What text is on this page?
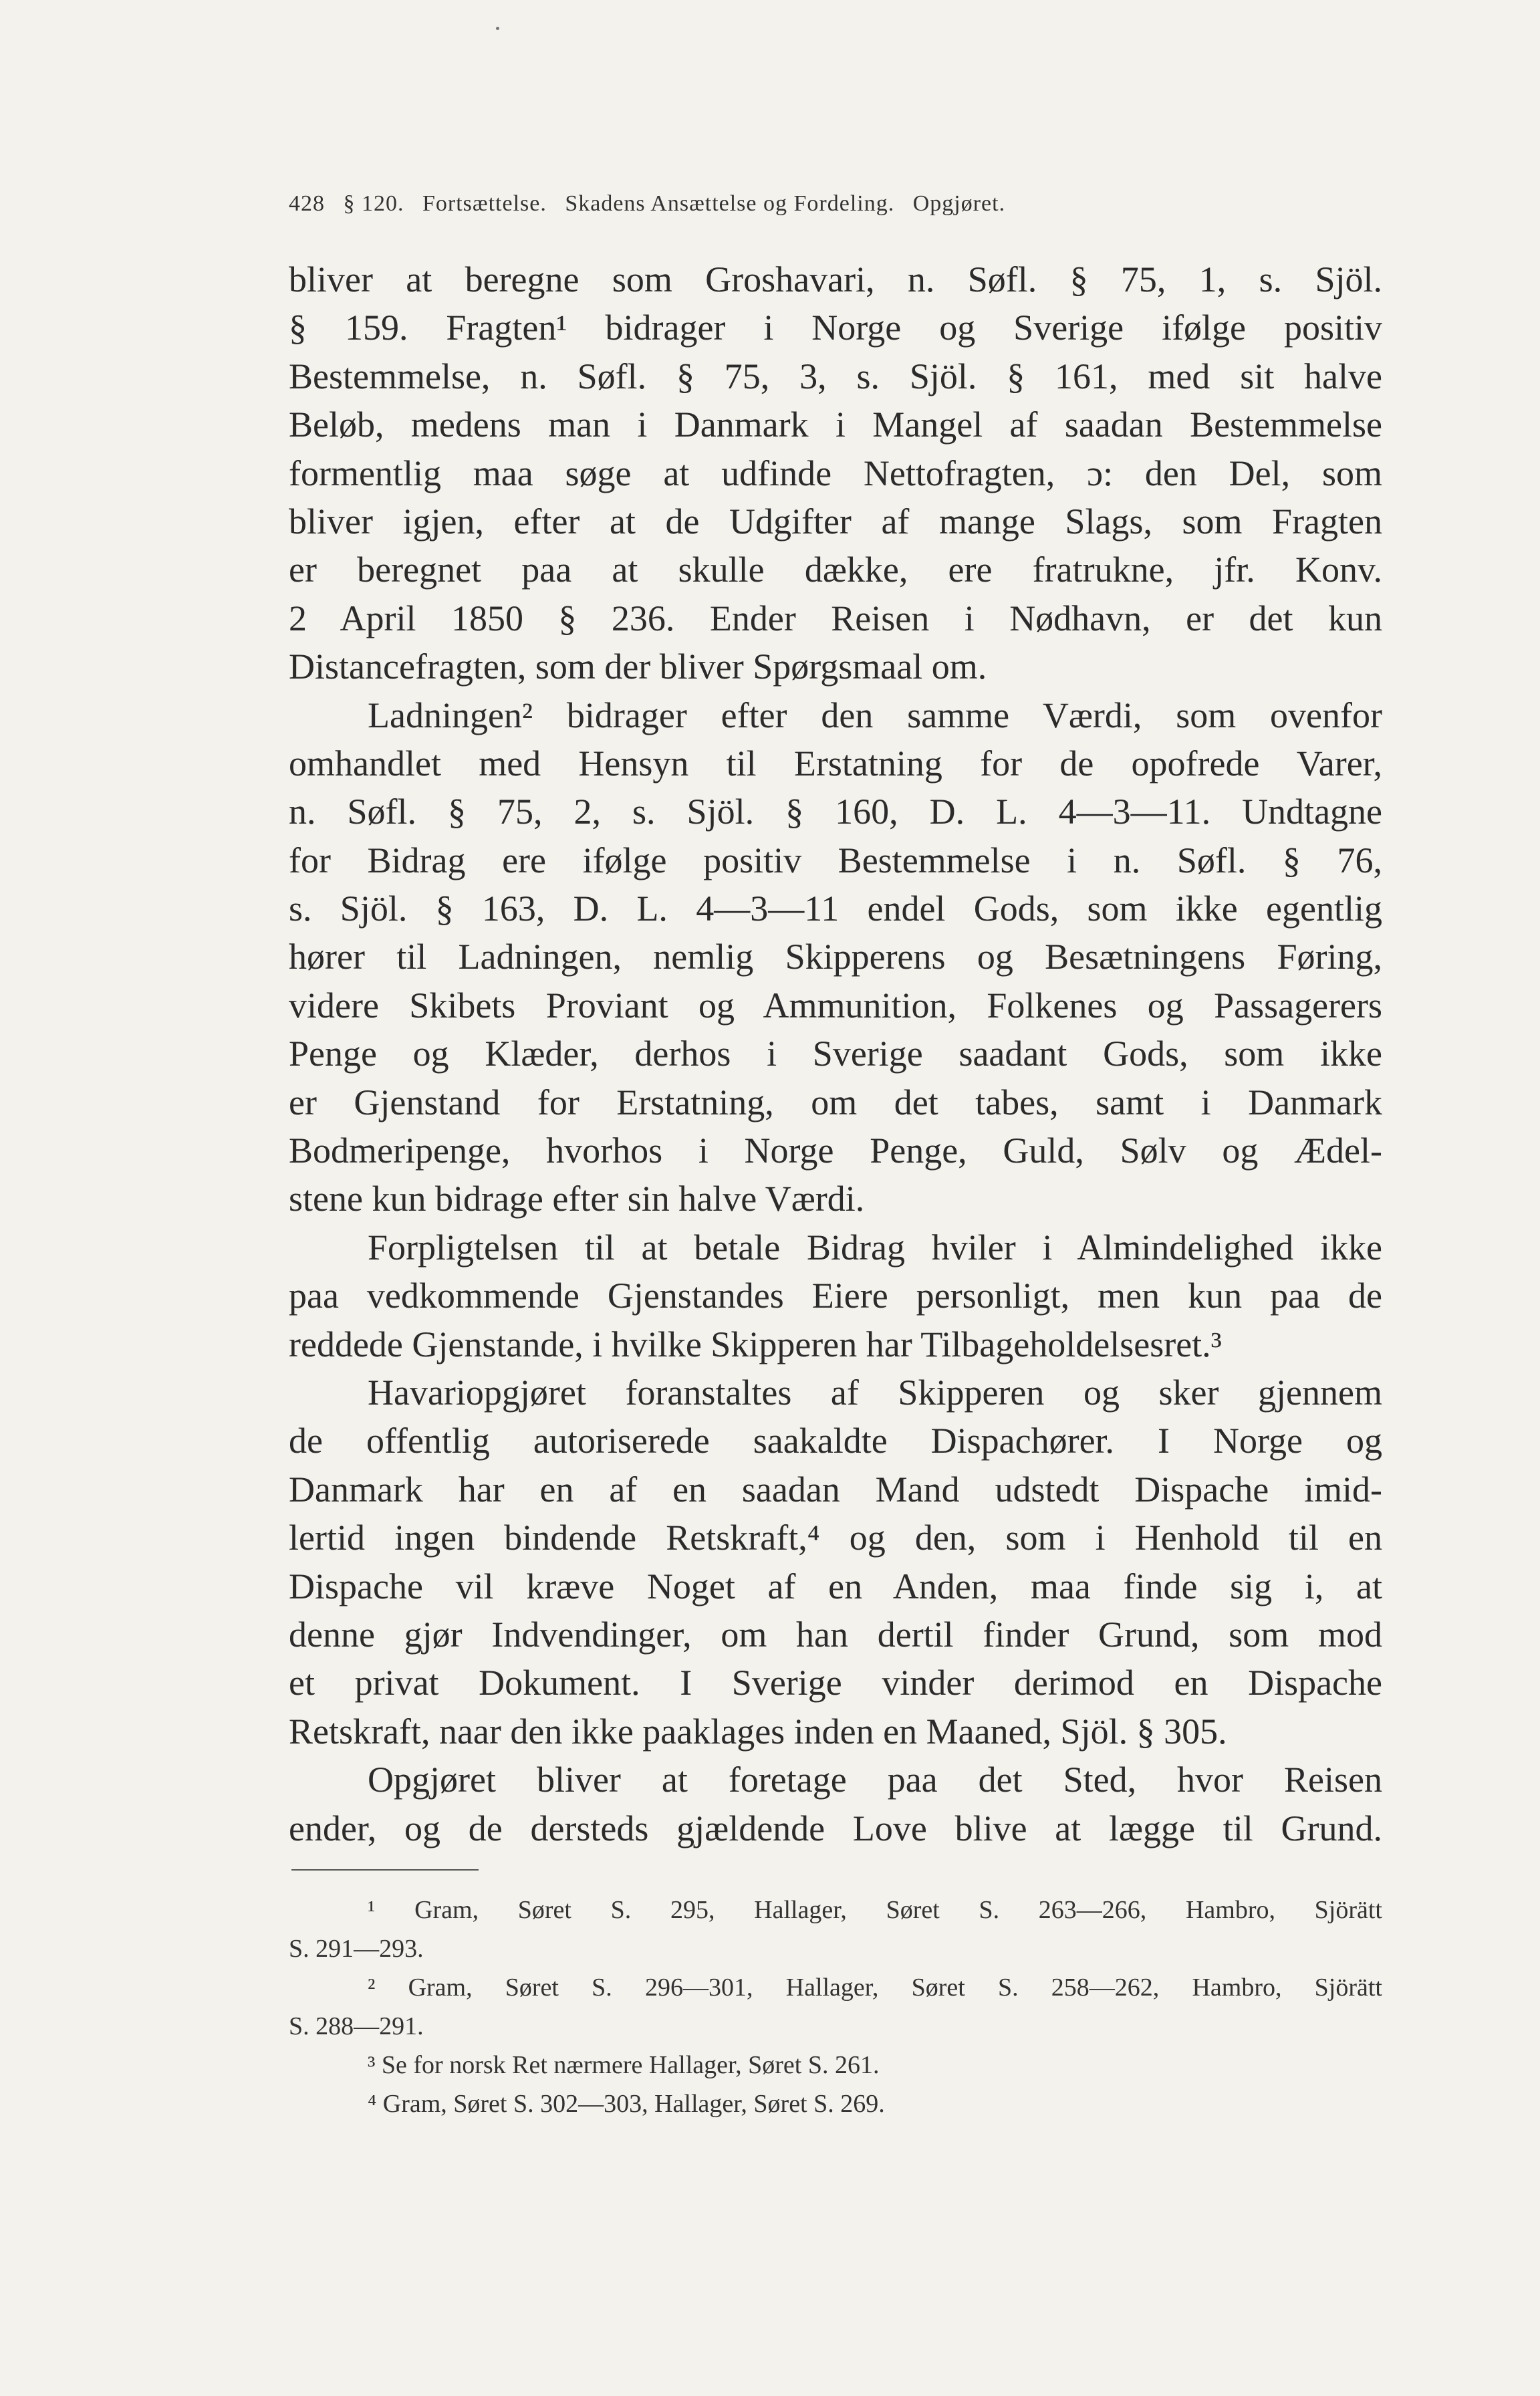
428 § 120. Fortsættelse. Skadens Ansættelse og Fordeling. Opgjøret.
bliver at beregne som Groshavari, n. Søfl. § 75, 1, s. Sjöl.
§ 159. Fragten¹ bidrager i Norge og Sverige ifølge positiv
Bestemmelse, n. Søfl. § 75, 3, s. Sjöl. § 161, med sit halve
Beløb, medens man i Danmark i Mangel af saadan Bestemmelse
formentlig maa søge at udfinde Nettofragten, ɔ: den Del, som
bliver igjen, efter at de Udgifter af mange Slags, som Fragten
er beregnet paa at skulle dække, ere fratrukne, jfr. Konv.
2 April 1850 § 236. Ender Reisen i Nødhavn, er det kun
Distancefragten, som der bliver Spørgsmaal om.
Ladningen² bidrager efter den samme Værdi, som ovenfor
omhandlet med Hensyn til Erstatning for de opofrede Varer,
n. Søfl. § 75, 2, s. Sjöl. § 160, D. L. 4—3—11. Undtagne
for Bidrag ere ifølge positiv Bestemmelse i n. Søfl. § 76,
s. Sjöl. § 163, D. L. 4—3—11 endel Gods, som ikke egentlig
hører til Ladningen, nemlig Skipperens og Besætningens Føring,
videre Skibets Proviant og Ammunition, Folkenes og Passagerers
Penge og Klæder, derhos i Sverige saadant Gods, som ikke
er Gjenstand for Erstatning, om det tabes, samt i Danmark
Bodmeripenge, hvorhos i Norge Penge, Guld, Sølv og Ædel-
stene kun bidrage efter sin halve Værdi.
Forpligtelsen til at betale Bidrag hviler i Almindelighed ikke
paa vedkommende Gjenstandes Eiere personligt, men kun paa de
reddede Gjenstande, i hvilke Skipperen har Tilbageholdelsesret.³
Havariopgjøret foranstaltes af Skipperen og sker gjennem
de offentlig autoriserede saakaldte Dispachører. I Norge og
Danmark har en af en saadan Mand udstedt Dispache imid-
lertid ingen bindende Retskraft,⁴ og den, som i Henhold til en
Dispache vil kræve Noget af en Anden, maa finde sig i, at
denne gjør Indvendinger, om han dertil finder Grund, som mod
et privat Dokument. I Sverige vinder derimod en Dispache
Retskraft, naar den ikke paaklages inden en Maaned, Sjöl. § 305.
Opgjøret bliver at foretage paa det Sted, hvor Reisen
ender, og de dersteds gjældende Love blive at lægge til Grund.
¹ Gram, Søret S. 295, Hallager, Søret S. 263—266, Hambro, Sjörätt
S. 291—293.
² Gram, Søret S. 296—301, Hallager, Søret S. 258—262, Hambro, Sjörätt
S. 288—291.
³ Se for norsk Ret nærmere Hallager, Søret S. 261.
⁴ Gram, Søret S. 302—303, Hallager, Søret S. 269.
